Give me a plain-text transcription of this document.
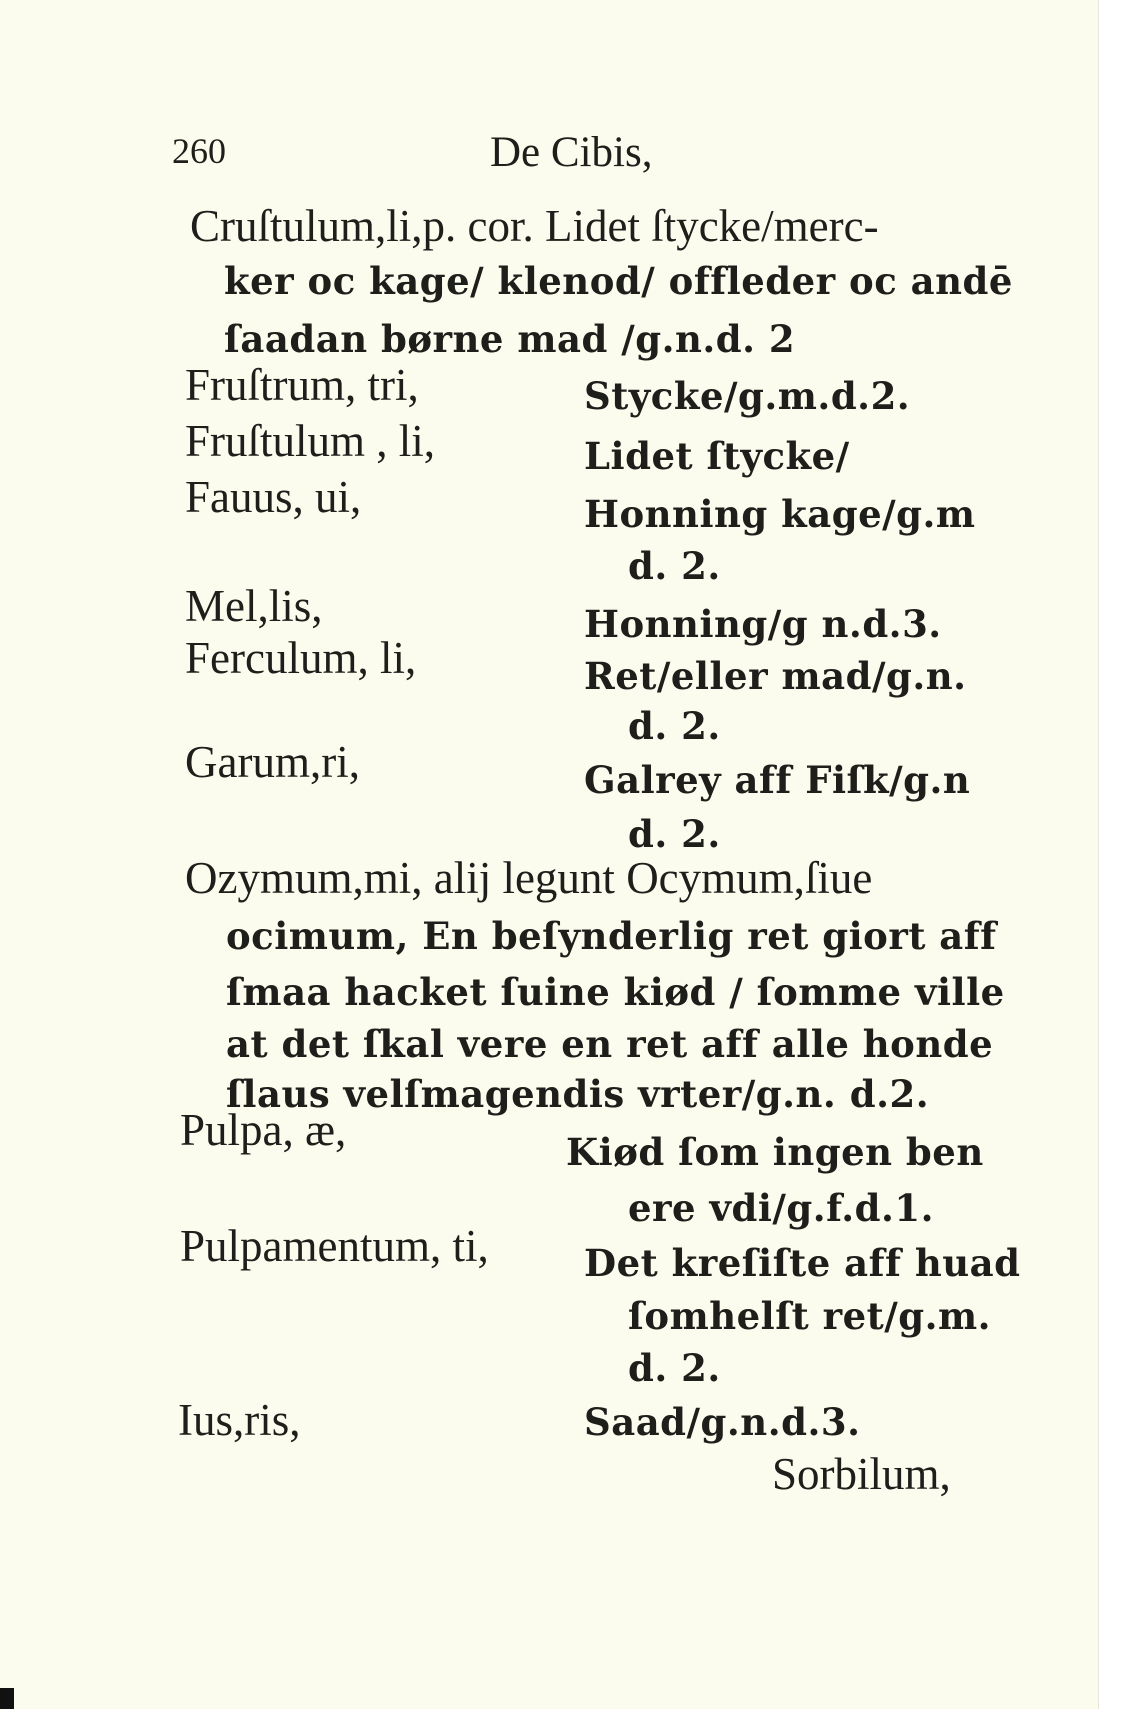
260	De Cibis,
Cruſtulum,li,p. cor. Lidet ſtycke/merc-
ker oc kage/ klenod/ offleder oc andē
ſaadan børne mad /g.n.d. 2
Fruſtrum, tri,	Stycke/g.m.d.2.
Fruſtulum , li,	Lidet ſtycke/
Fauus, ui,	Honning kage/g.m
d. 2.
Mel,lis,	Honning/g n.d.3.
Ferculum, li,	Ret/eller mad/g.n.
d. 2.
Garum,ri,	Galrey aff Fiſk/g.n
d. 2.
Ozymum,mi, alij legunt Ocymum,ſiue
ocimum, En beſynderlig ret giort aff
ſmaa hacket ſuine kiød / ſomme ville
at det ſkal vere en ret aff alle honde
ſlaus velſmagendis vrter/g.n. d.2.
Pulpa, æ,	Kiød ſom ingen ben
ere vdi/g.f.d.1.
Pulpamentum, ti,	Det kreſiſte aff huad
ſomhelſt ret/g.m.
d. 2.
Ius,ris,	Saad/g.n.d.3.
Sorbilum,
